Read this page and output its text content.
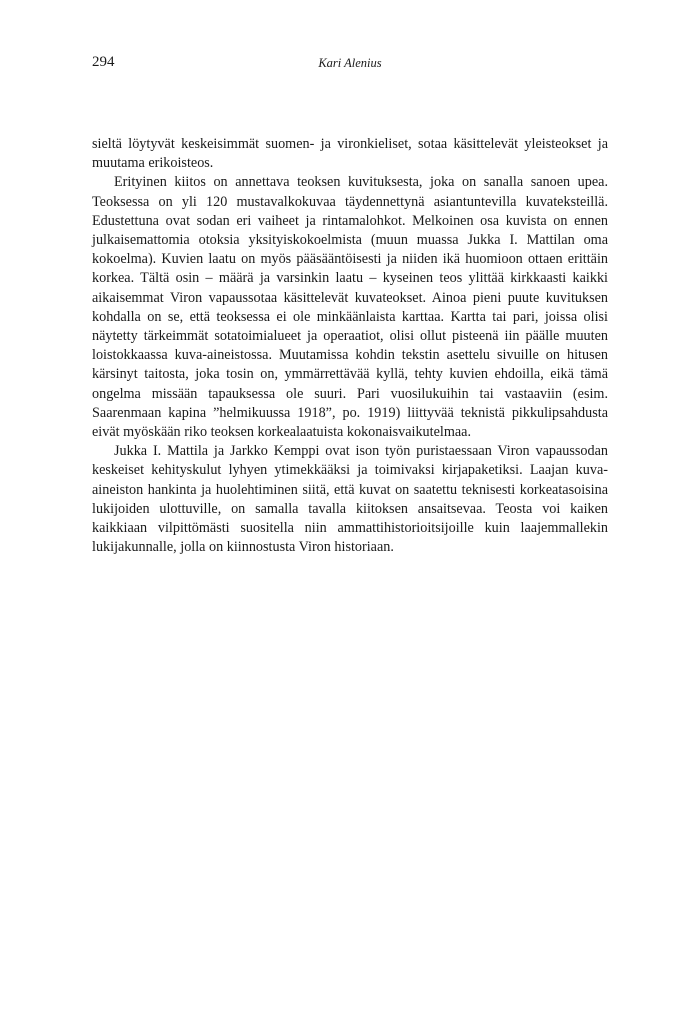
294	Kari Alenius

sieltä löytyvät keskeisimmät suomen- ja vironkieliset, sotaa käsittelevät yleisteokset ja muutama erikoisteos.

Erityinen kiitos on annettava teoksen kuvituksesta, joka on sanalla sanoen upea. Teoksessa on yli 120 mustavalkokuvaa täydennettynä asiantuntevilla kuvateksteillä. Edustettuna ovat sodan eri vaiheet ja rintamalohkot. Melkoinen osa kuvista on ennen julkaisemattomia otoksia yksityiskokoelmista (muun muassa Jukka I. Mattilan oma kokoelma). Kuvien laatu on myös pääsääntöisesti ja niiden ikä huomioon ottaen erittäin korkea. Tältä osin – määrä ja varsinkin laatu – kyseinen teos ylittää kirkkaasti kaikki aikaisemmat Viron vapaussotaa käsittelevät kuvateokset. Ainoa pieni puute kuvituksen kohdalla on se, että teoksessa ei ole minkäänlaista karttaa. Kartta tai pari, joissa olisi näytetty tärkeimmät sotatoimialueet ja operaatiot, olisi ollut pisteenä iin päälle muuten loistokkaassa kuva-aineistossa. Muutamissa kohdin tekstin asettelu sivuille on hitusen kärsinyt taitosta, joka tosin on, ymmärrettävää kyllä, tehty kuvien ehdoilla, eikä tämä ongelma missään tapauksessa ole suuri. Pari vuosilukuihin tai vastaaviin (esim. Saarenmaan kapina ”helmikuussa 1918”, po. 1919) liittyvää teknistä pikkulipsahdusta eivät myöskään riko teoksen korkealaatuista kokonaisvaikutelmaa.

Jukka I. Mattila ja Jarkko Kemppi ovat ison työn puristaessaan Viron vapaussodan keskeiset kehityskulut lyhyen ytimekkääksi ja toimivaksi kirjapaketiksi. Laajan kuva-aineiston hankinta ja huolehtiminen siitä, että kuvat on saatettu teknisesti korkeatasoisina lukijoiden ulottuville, on samalla tavalla kiitoksen ansaitsevaa. Teosta voi kaiken kaikkiaan vilpittömästi suositella niin ammattihistorioitsijoille kuin laajemmallekin lukijakunnalle, jolla on kiinnostusta Viron historiaan.
